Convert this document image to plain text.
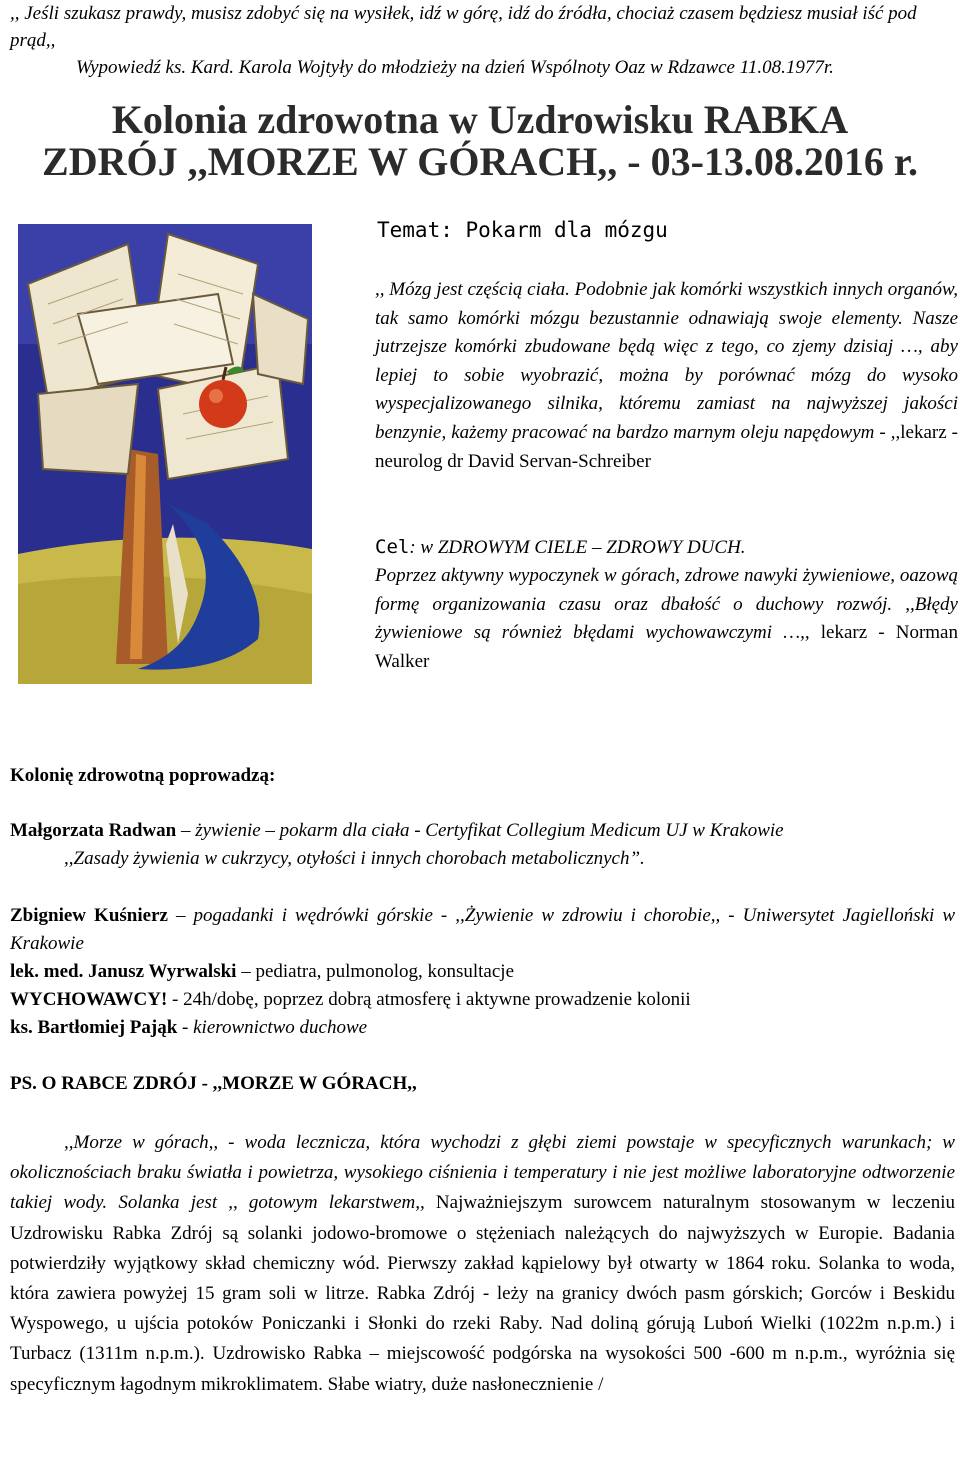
,, Jeśli szukasz prawdy, musisz zdobyć się na wysiłek, idź w górę, idź do źródła, chociaż czasem będziesz musiał iść pod prąd,,
Wypowiedź ks. Kard. Karola Wojtyły do młodzieży na dzień Wspólnoty Oaz w Rdzawce 11.08.1977r.
Kolonia zdrowotna w Uzdrowisku RABKA
ZDRÓJ ,,MORZE W GÓRACH,, - 03-13.08.2016 r.
Temat: Pokarm dla mózgu
,, Mózg jest częścią ciała. Podobnie jak komórki wszystkich innych organów, tak samo komórki mózgu bezustannie odnawiają swoje elementy. Nasze jutrzejsze komórki zbudowane będą więc z tego, co zjemy dzisiaj …, aby lepiej to sobie wyobrazić, można by porównać mózg do wysoko wyspecjalizowanego silnika, któremu zamiast na najwyższej jakości benzynie, każemy pracować na bardzo marnym oleju napędowym - ,,lekarz - neurolog dr David Servan-Schreiber
Cel: w ZDROWYM CIELE – ZDROWY DUCH.
Poprzez aktywny wypoczynek w górach, zdrowe nawyki żywieniowe, oazową formę organizowania czasu oraz dbałość o duchowy rozwój. ,,Błędy żywieniowe są również błędami wychowawczymi …,, lekarz - Norman Walker
Kolonię zdrowotną poprowadzą:
Małgorzata Radwan – żywienie – pokarm dla ciała - Certyfikat Collegium Medicum UJ w Krakowie
,,Zasady żywienia w cukrzycy, otyłości i innych chorobach metabolicznych”.
Zbigniew Kuśnierz – pogadanki i wędrówki górskie - ,,Żywienie w zdrowiu i chorobie,, - Uniwersytet Jagielloński w Krakowie
lek. med. Janusz Wyrwalski – pediatra, pulmonolog, konsultacje
WYCHOWAWCY! - 24h/dobę, poprzez dobrą atmosferę i aktywne prowadzenie kolonii
ks. Bartłomiej Pająk - kierownictwo duchowe
PS. O RABCE ZDRÓJ - ,,MORZE W GÓRACH,,
,,Morze w górach,, - woda lecznicza, która wychodzi z głębi ziemi powstaje w specyficznych warunkach; w okolicznościach braku światła i powietrza, wysokiego ciśnienia i temperatury i nie jest możliwe laboratoryjne odtworzenie takiej wody. Solanka jest ,, gotowym lekarstwem,, Najważniejszym surowcem naturalnym stosowanym w leczeniu Uzdrowisku Rabka Zdrój są solanki jodowo-bromowe o stężeniach należących do najwyższych w Europie. Badania potwierdziły wyjątkowy skład chemiczny wód. Pierwszy zakład kąpielowy był otwarty w 1864 roku. Solanka to woda, która zawiera powyżej 15 gram soli w litrze. Rabka Zdrój - leży na granicy dwóch pasm górskich; Gorców i Beskidu Wyspowego, u ujścia potoków Poniczanki i Słonki do rzeki Raby. Nad doliną górują Luboń Wielki (1022m n.p.m.) i Turbacz (1311m n.p.m.). Uzdrowisko Rabka – miejscowość podgórska na wysokości 500 -600 m n.p.m., wyróżnia się specyficznym łagodnym mikroklimatem. Słabe wiatry, duże nasłonecznienie /
